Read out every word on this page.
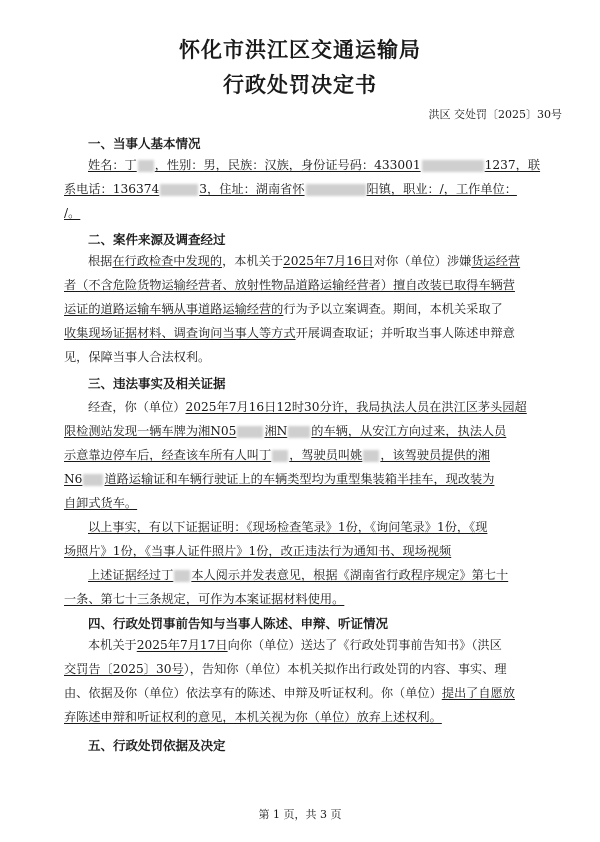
怀化市洪江区交通运输局
行政处罚决定书
洪区 交处罚〔2025〕30号
一、当事人基本情况
姓名：丁 ，性别：男，民族：汉族，身份证号码：433001	1237，联
系电话：136374	3，住址：湖南省怀	阳镇，职业：/，工作单位：
/。
二、案件来源及调查经过
根据在行政检查中发现的，本机关于2025年7月16日对你（单位）涉嫌货运经营
者（不含危险货物运输经营者、放射性物品道路运输经营者）擅自改装已取得车辆营
运证的道路运输车辆从事道路运输经营的行为予以立案调查。期间，本机关采取了
收集现场证据材料、调查询问当事人等方式开展调查取证；并听取当事人陈述申辩意
见，保障当事人合法权利。
三、违法事实及相关证据
经查，你（单位）2025年7月16日12时30分许，我局执法人员在洪江区茅头园超
限检测站发现一辆车牌为湘N05 湘N 的车辆，从安江方向过来，执法人员
示意靠边停车后，经查该车所有人叫丁 ，驾驶员叫姚 ，该驾驶员提供的湘
N6 道路运输证和车辆行驶证上的车辆类型均为重型集装箱半挂车，现改装为
自卸式货车。
以上事实，有以下证据证明：《现场检查笔录》1份，《询问笔录》1份，《现
场照片》1份，《当事人证件照片》1份，改正违法行为通知书、现场视频
上述证据经过丁 本人阅示并发表意见，根据《湖南省行政程序规定》第七十
一条、第七十三条规定，可作为本案证据材料使用。
四、行政处罚事前告知与当事人陈述、申辩、听证情况
本机关于2025年7月17日向你（单位）送达了《行政处罚事前告知书》（洪区
交罚告〔2025〕30号），告知你（单位）本机关拟作出行政处罚的内容、事实、理
由、依据及你（单位）依法享有的陈述、申辩及听证权利。你（单位）提出了自愿放
弃陈述申辩和听证权利的意见，本机关视为你（单位）放弃上述权利。
五、行政处罚依据及决定
第 1 页，共 3 页
